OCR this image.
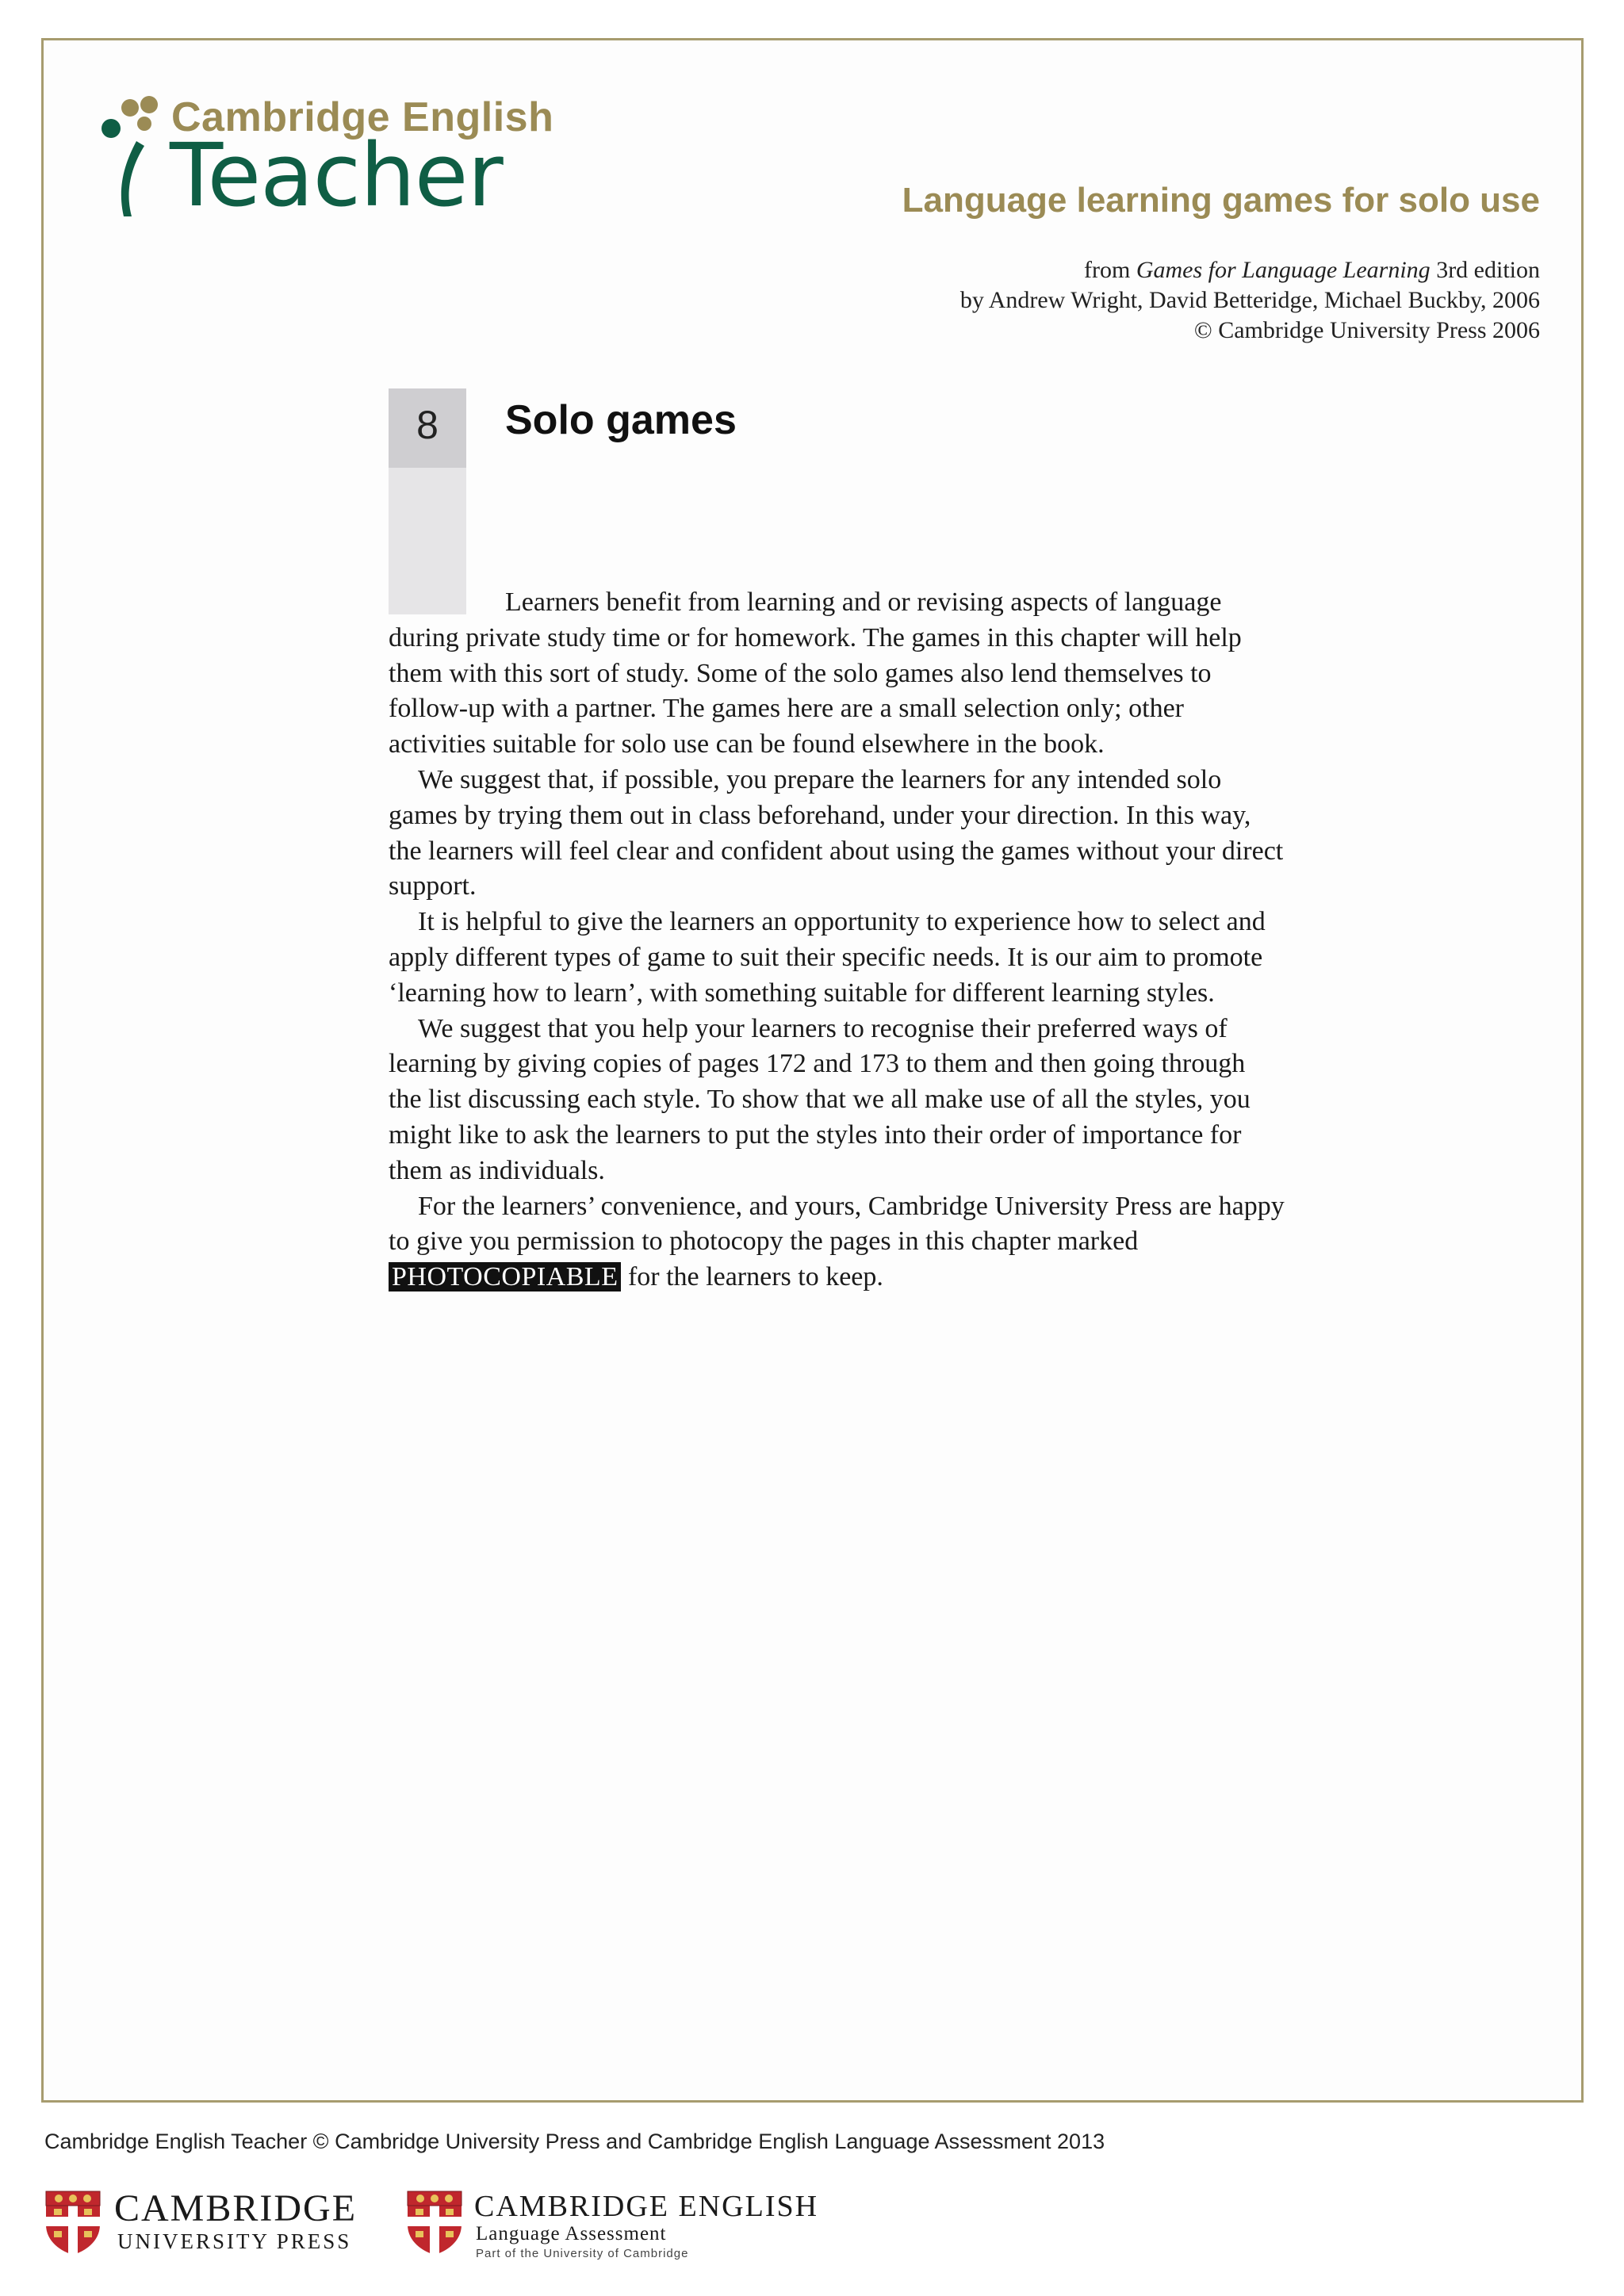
Cambridge English
Teacher	Language learning games for solo use
from Games for Language Learning 3rd edition
by Andrew Wright, David Betteridge, Michael Buckby, 2006
© Cambridge University Press 2006
8	Solo games

Learners benefit from learning and or revising aspects of language during private study time or for homework. The games in this chapter will help them with this sort of study. Some of the solo games also lend themselves to follow-up with a partner. The games here are a small selection only; other activities suitable for solo use can be found elsewhere in the book.

We suggest that, if possible, you prepare the learners for any intended solo games by trying them out in class beforehand, under your direction. In this way, the learners will feel clear and confident about using the games without your direct support.

It is helpful to give the learners an opportunity to experience how to select and apply different types of game to suit their specific needs. It is our aim to promote ‘learning how to learn’, with something suitable for different learning styles.

We suggest that you help your learners to recognise their preferred ways of learning by giving copies of pages 172 and 173 to them and then going through the list discussing each style. To show that we all make use of all the styles, you might like to ask the learners to put the styles into their order of importance for them as individuals.

For the learners’ convenience, and yours, Cambridge University Press are happy to give you permission to photocopy the pages in this chapter marked PHOTOCOPIABLE for the learners to keep.

Cambridge English Teacher © Cambridge University Press and Cambridge English Language Assessment 2013
CAMBRIDGE
UNIVERSITY PRESS
CAMBRIDGE ENGLISH
Language Assessment
Part of the University of Cambridge
